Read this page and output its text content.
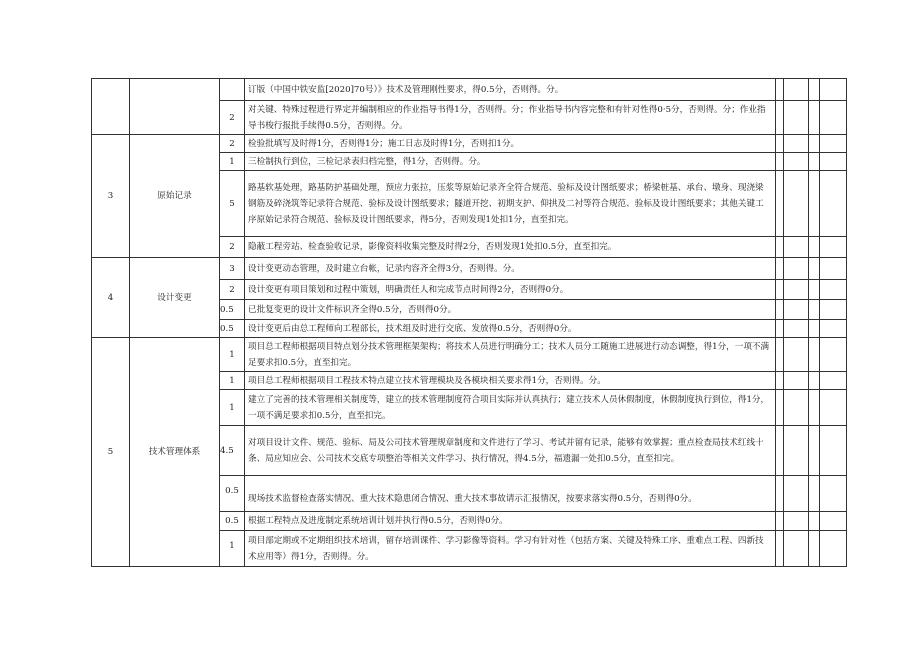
			订版（中国中铁安监[2020]70号）》技术及管理刚性要求，得0.5分，否则得。分。				
		2	对关键、特殊过程进行界定并编制相应的作业指导书得1分，否则得。分；作业指导书内容完整和有针对性得0·5分，否则得。分；作业指导书梭行报批手续得0.5分，否则得。分。				
3	原始记录	2	检验批填写及时得1分，否则得1分；施工日志及时得1分，否则扣1分。				
		1	三检制执行到位，三检记录表归档完整，得1分，否则得。分。				
		5	路基软基处理，路基防护基础处理，预应力张拉，压浆等原始记录齐全符合规范、验标及设计图纸要求；桥梁桩基、承台、墩身、现浇梁钢筋及碎浇筑等记录符合规范、验标及设计图纸要求；隧道开挖、初期支护、仰拱及二衬等符合规范、验标及设计图纸要求；其他关键工序原始记录符合规范、验标及设计图纸要求，得5分，否则发现1处扣1分，直至扣完。				
		2	隐蔽工程旁站、检查验收记录，影像资料收集完整及时得2分，否则发现1处扣0.5分，直至扣完。				
4	设计变更	3	设计变更动态管理，及时建立台帐，记录内容齐全得3分，否则得。分。				
		2	设计变更有项目策划和过程中策划，明确责任人和完成节点时间得2分，否则得0分。				
		0.5	已批复变更的设计文件标识齐全得0.5分，否则得0分。				
		0.5	设计变更后由总工程师向工程部长，技术组及时进行交底、发放得0.5分，否则得0分。				
5	技术管理体系	1	项目总工程师根据项目特点划分技术管理框架架构；将技术人员进行明确分工；技术人员分工随施工进展进行动态调整，得1分，一项不满足要求扣0.5分，直至扣完。				
		1	项目总工程师根据项目工程技术特点建立技术管理模块及各模块相关要求得1分，否则得。分。				
		1	建立了完善的技术管理相关制度等，建立的技术管理制度符合项目实际并认真执行；建立技术人员休假制度，休假制度执行到位，得1分，一项不满足要求扣0.5分，直至扣完。				
		4.5	对项目设计文件、规范、验标、局及公司技术管理规章制度和文件进行了学习、考试并留有记录，能够有效掌握；重点检查局技术红线十条、局应知应会、公司技术交底专项整治等相关文件学习、执行情况，得4.5分，福遗漏一处扣0.5分，直至扣完。				
		0.5	现场技术监督检查落实情况、重大技术隐患闭合情况、重大技术事故请示汇报情况，按要求落实得0.5分，否则得0分。				
		0.5	根据工程特点及进度制定系统培训计划并执行得0.5分，否则得0分。				
		1	项目部定期或不定期组织技术培训，留存培训课件、学习影像等资料。学习有针对性（包括方案、关键及特殊工序、重难点工程、四新技术应用等）得1分，否则得。分。				
